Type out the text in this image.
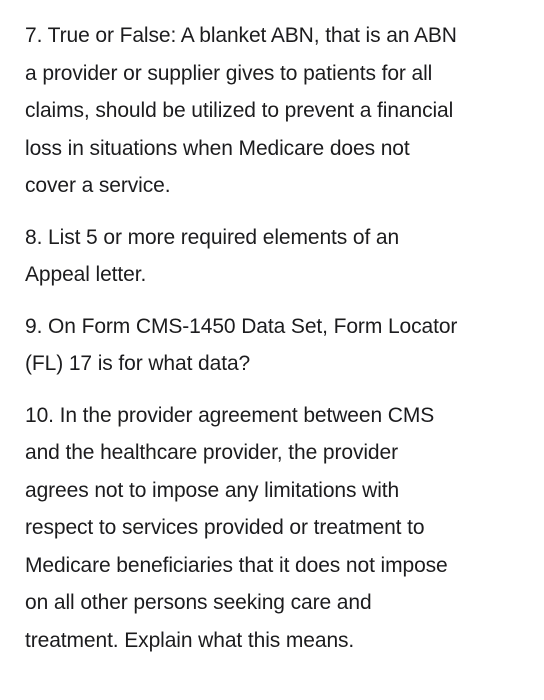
7. True or False: A blanket ABN, that is an ABN
a provider or supplier gives to patients for all
claims, should be utilized to prevent a financial
loss in situations when Medicare does not
cover a service.

8. List 5 or more required elements of an
Appeal letter.

9. On Form CMS-1450 Data Set, Form Locator
(FL) 17 is for what data?

10. In the provider agreement between CMS
and the healthcare provider, the provider
agrees not to impose any limitations with
respect to services provided or treatment to
Medicare beneficiaries that it does not impose
on all other persons seeking care and
treatment. Explain what this means.
